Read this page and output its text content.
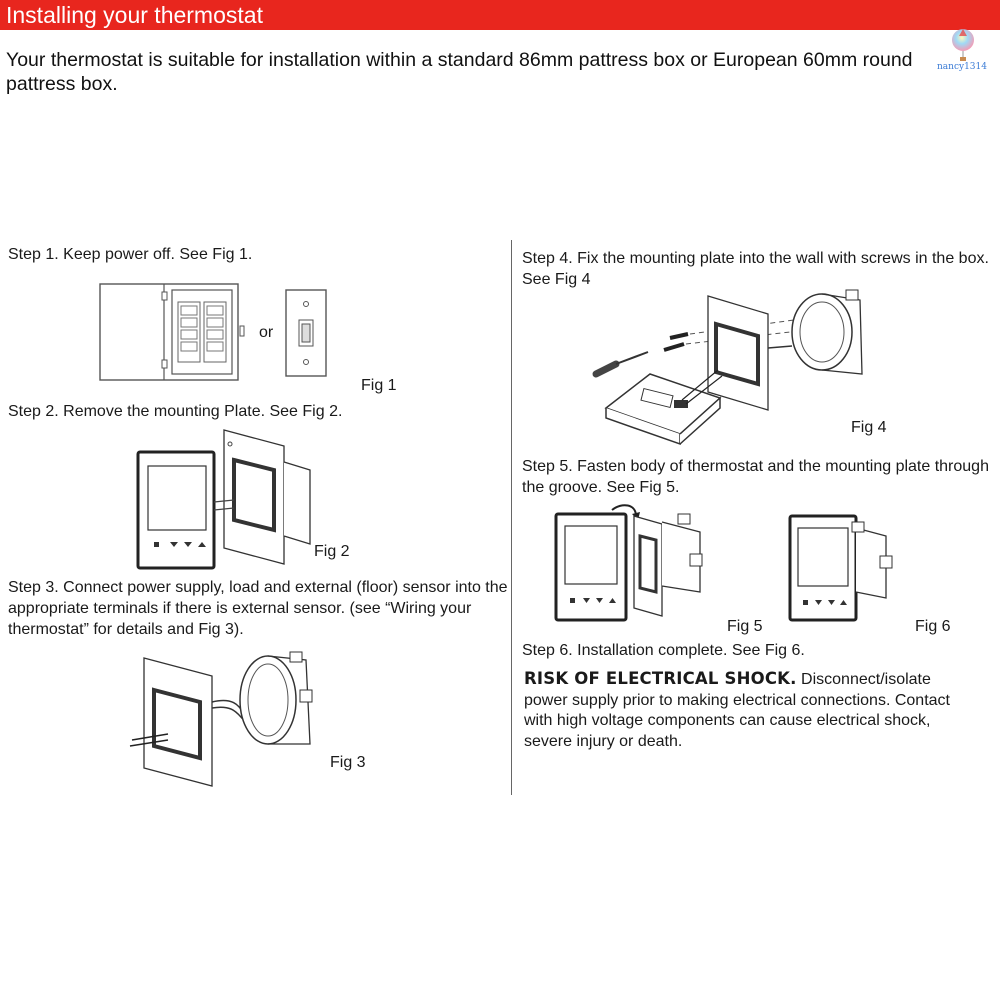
Installing your thermostat
nancy1314
Your thermostat is suitable for installation within a standard 86mm pattress box or European 60mm round pattress box.
Step 1. Keep power off. See Fig 1.
or
Fig 1
Step 2. Remove the mounting Plate. See Fig 2.
Fig 2
Step 3. Connect power supply, load and external (floor) sensor into the appropriate terminals if there is external sensor. (see “Wiring your thermostat” for details and Fig 3).
Fig 3
Step 4. Fix the mounting plate into the wall with screws in the box. See Fig 4
Fig 4
Step 5. Fasten body of thermostat and the mounting plate through the groove. See Fig 5.
Fig 5	Fig 6
Step 6. Installation complete. See Fig 6.
RISK OF ELECTRICAL SHOCK. Disconnect/isolate power supply prior to making electrical connections. Contact with high voltage components can cause electrical shock, severe injury or death.
